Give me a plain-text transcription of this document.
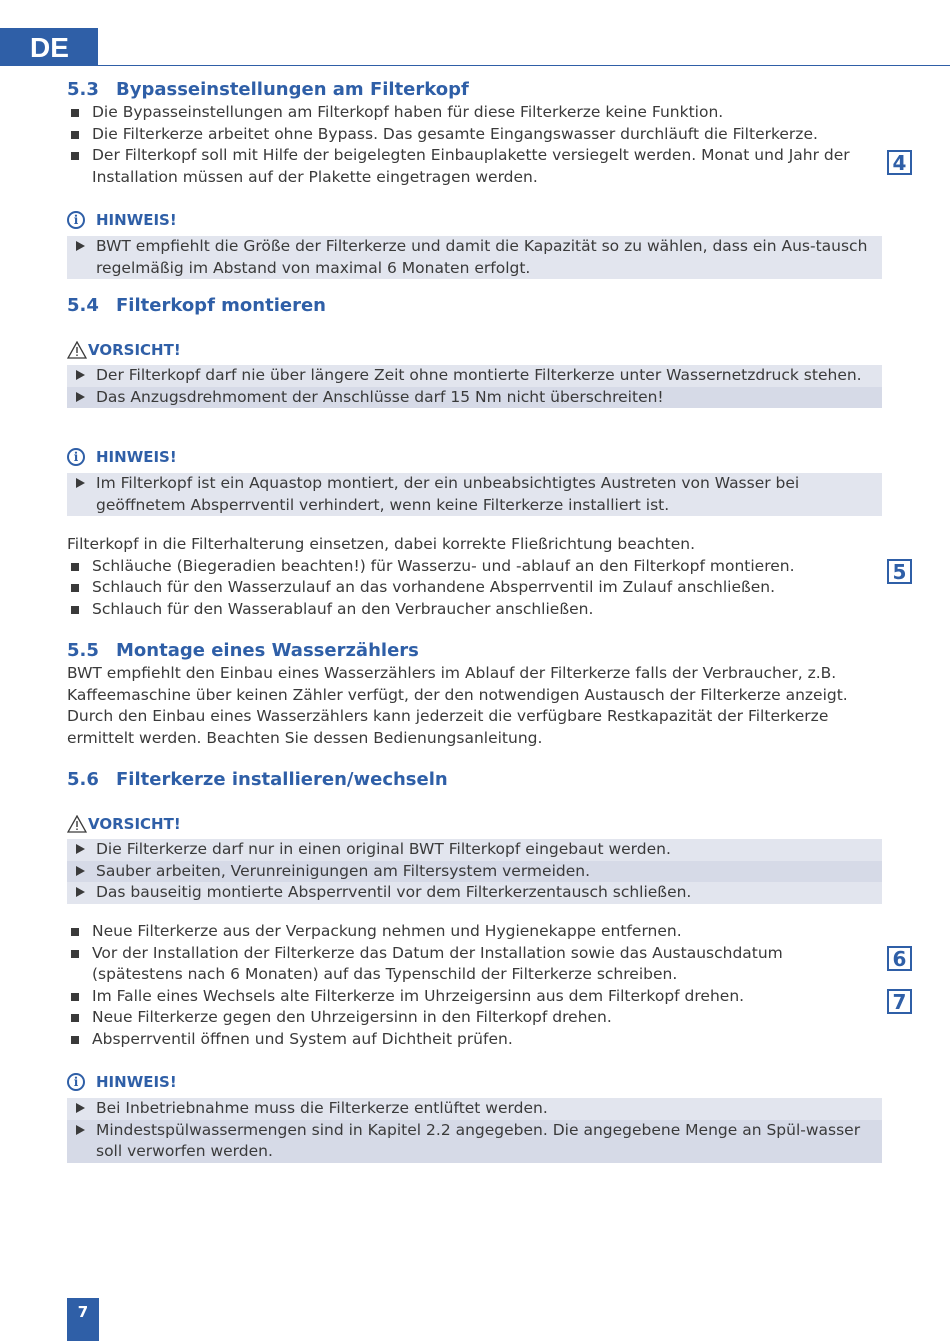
DE
5.3 Bypasseinstellungen am Filterkopf
Die Bypasseinstellungen am Filterkopf haben für diese Filterkerze keine Funktion.
Die Filterkerze arbeitet ohne Bypass. Das gesamte Eingangswasser durchläuft die Filterkerze.
Der Filterkopf soll mit Hilfe der beigelegten Einbauplakette versiegelt werden. Monat und Jahr der Installation müssen auf der Plakette eingetragen werden.
4
i	HINWEIS!
BWT empfiehlt die Größe der Filterkerze und damit die Kapazität so zu wählen, dass ein Aus-tausch regelmäßig im Abstand von maximal 6 Monaten erfolgt.
5.4 Filterkopf montieren
VORSICHT!
Der Filterkopf darf nie über längere Zeit ohne montierte Filterkerze unter Wassernetzdruck stehen.
Das Anzugsdrehmoment der Anschlüsse darf 15 Nm nicht überschreiten!
i	HINWEIS!
Im Filterkopf ist ein Aquastop montiert, der ein unbeabsichtigtes Austreten von Wasser bei geöffnetem Absperrventil verhindert, wenn keine Filterkerze installiert ist.
Filterkopf in die Filterhalterung einsetzen, dabei korrekte Fließrichtung beachten.
Schläuche (Biegeradien beachten!) für Wasserzu- und -ablauf an den Filterkopf montieren.
Schlauch für den Wasserzulauf an das vorhandene Absperrventil im Zulauf anschließen.
Schlauch für den Wasserablauf an den Verbraucher anschließen.
5
5.5 Montage eines Wasserzählers
BWT empfiehlt den Einbau eines Wasserzählers im Ablauf der Filterkerze falls der Verbraucher, z.B. Kaffeemaschine über keinen Zähler verfügt, der den notwendigen Austausch der Filterkerze anzeigt. Durch den Einbau eines Wasserzählers kann jederzeit die verfügbare Restkapazität der Filterkerze ermittelt werden. Beachten Sie dessen Bedienungsanleitung.
5.6 Filterkerze installieren/wechseln
VORSICHT!
Die Filterkerze darf nur in einen original BWT Filterkopf eingebaut werden.
Sauber arbeiten, Verunreinigungen am Filtersystem vermeiden.
Das bauseitig montierte Absperrventil vor dem Filterkerzentausch schließen.
Neue Filterkerze aus der Verpackung nehmen und Hygienekappe entfernen.
Vor der Installation der Filterkerze das Datum der Installation sowie das Austauschdatum (spätestens nach 6 Monaten) auf das Typenschild der Filterkerze schreiben.
Im Falle eines Wechsels alte Filterkerze im Uhrzeigersinn aus dem Filterkopf drehen.
Neue Filterkerze gegen den Uhrzeigersinn in den Filterkopf drehen.
Absperrventil öffnen und System auf Dichtheit prüfen.
6
7
i	HINWEIS!
Bei Inbetriebnahme muss die Filterkerze entlüftet werden.
Mindestspülwassermengen sind in Kapitel 2.2 angegeben. Die angegebene Menge an Spül-wasser soll verworfen werden.
7
